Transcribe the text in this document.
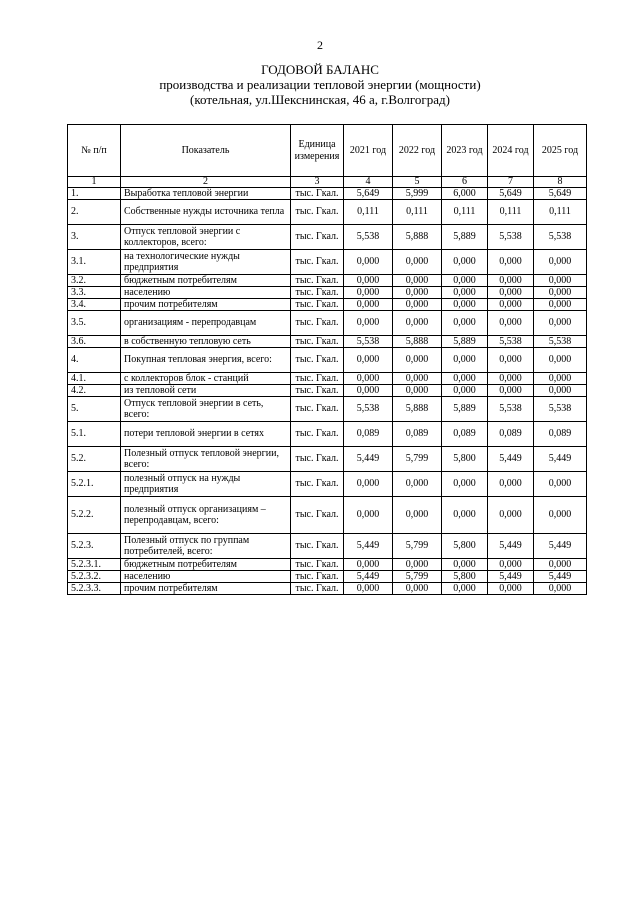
2
ГОДОВОЙ БАЛАНС
производства и реализации тепловой энергии (мощности)
(котельная, ул.Шекснинская, 46 а, г.Волгоград)
№ п/п	Показатель	Единица измерения	2021 год	2022 год	2023 год	2024 год	2025 год
1	2	3	4	5	6	7	8
1.	Выработка тепловой энергии	тыс. Гкал.	5,649	5,999	6,000	5,649	5,649
2.	Собственные нужды источника тепла	тыс. Гкал.	0,111	0,111	0,111	0,111	0,111
3.	Отпуск тепловой энергии с коллекторов, всего:	тыс. Гкал.	5,538	5,888	5,889	5,538	5,538
3.1.	на технологические нужды предприятия	тыс. Гкал.	0,000	0,000	0,000	0,000	0,000
3.2.	бюджетным потребителям	тыс. Гкал.	0,000	0,000	0,000	0,000	0,000
3.3.	населению	тыс. Гкал.	0,000	0,000	0,000	0,000	0,000
3.4.	прочим потребителям	тыс. Гкал.	0,000	0,000	0,000	0,000	0,000
3.5.	организациям - перепродавцам	тыс. Гкал.	0,000	0,000	0,000	0,000	0,000
3.6.	в собственную тепловую сеть	тыс. Гкал.	5,538	5,888	5,889	5,538	5,538
4.	Покупная тепловая энергия, всего:	тыс. Гкал.	0,000	0,000	0,000	0,000	0,000
4.1.	с коллекторов блок - станций	тыс. Гкал.	0,000	0,000	0,000	0,000	0,000
4.2.	из тепловой сети	тыс. Гкал.	0,000	0,000	0,000	0,000	0,000
5.	Отпуск тепловой энергии в сеть, всего:	тыс. Гкал.	5,538	5,888	5,889	5,538	5,538
5.1.	потери тепловой энергии в сетях	тыс. Гкал.	0,089	0,089	0,089	0,089	0,089
5.2.	Полезный отпуск тепловой энергии, всего:	тыс. Гкал.	5,449	5,799	5,800	5,449	5,449
5.2.1.	полезный отпуск на нужды предприятия	тыс. Гкал.	0,000	0,000	0,000	0,000	0,000
5.2.2.	полезный отпуск организациям – перепродавцам, всего:	тыс. Гкал.	0,000	0,000	0,000	0,000	0,000
5.2.3.	Полезный отпуск по группам потребителей, всего:	тыс. Гкал.	5,449	5,799	5,800	5,449	5,449
5.2.3.1.	бюджетным потребителям	тыс. Гкал.	0,000	0,000	0,000	0,000	0,000
5.2.3.2.	населению	тыс. Гкал.	5,449	5,799	5,800	5,449	5,449
5.2.3.3.	прочим потребителям	тыс. Гкал.	0,000	0,000	0,000	0,000	0,000
